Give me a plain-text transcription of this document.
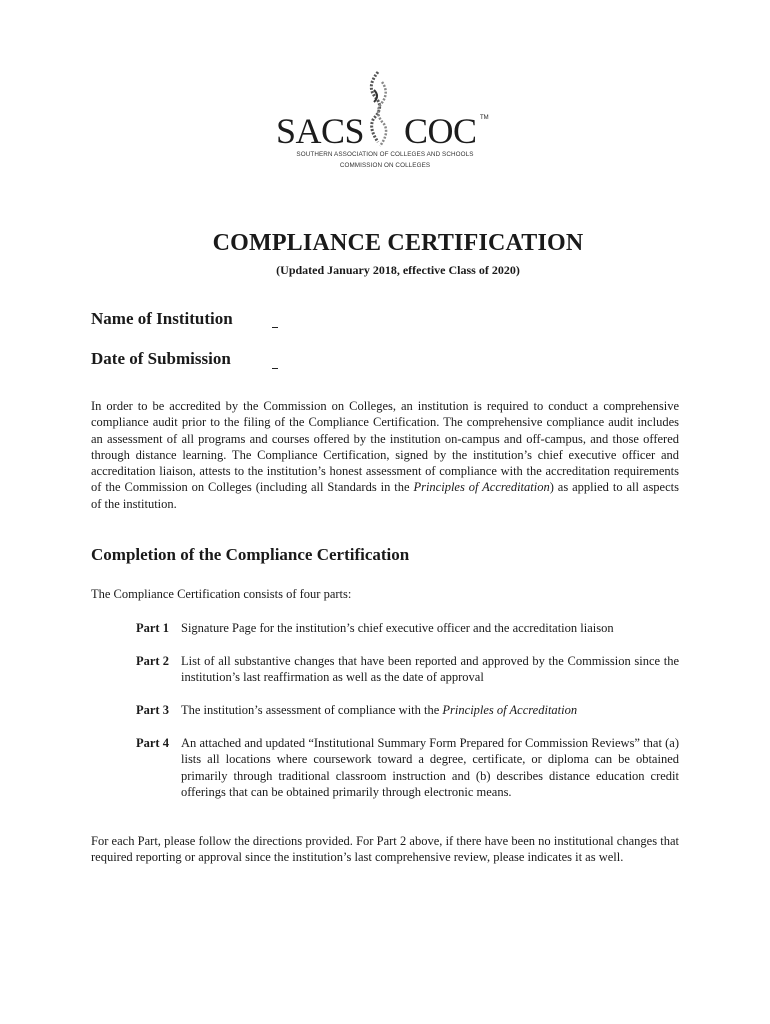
SACS COC TM
SOUTHERN ASSOCIATION OF COLLEGES AND SCHOOLS
COMMISSION ON COLLEGES
COMPLIANCE CERTIFICATION
(Updated January 2018, effective Class of 2020)
Name of Institution
Date of Submission
In order to be accredited by the Commission on Colleges, an institution is required to conduct a comprehensive compliance audit prior to the filing of the Compliance Certification. The comprehensive compliance audit includes an assessment of all programs and courses offered by the institution on-campus and off-campus, and those offered through distance learning. The Compliance Certification, signed by the institution’s chief executive officer and accreditation liaison, attests to the institution’s honest assessment of compliance with the accreditation requirements of the Commission on Colleges (including all Standards in the Principles of Accreditation) as applied to all aspects of the institution.
Completion of the Compliance Certification
The Compliance Certification consists of four parts:
Part 1 Signature Page for the institution’s chief executive officer and the accreditation liaison
Part 2 List of all substantive changes that have been reported and approved by the Commission since the institution’s last reaffirmation as well as the date of approval
Part 3 The institution’s assessment of compliance with the Principles of Accreditation
Part 4 An attached and updated “Institutional Summary Form Prepared for Commission Reviews” that (a) lists all locations where coursework toward a degree, certificate, or diploma can be obtained primarily through traditional classroom instruction and (b) describes distance education credit offerings that can be obtained primarily through electronic means.
For each Part, please follow the directions provided. For Part 2 above, if there have been no institutional changes that required reporting or approval since the institution’s last comprehensive review, please indicates it as well.
